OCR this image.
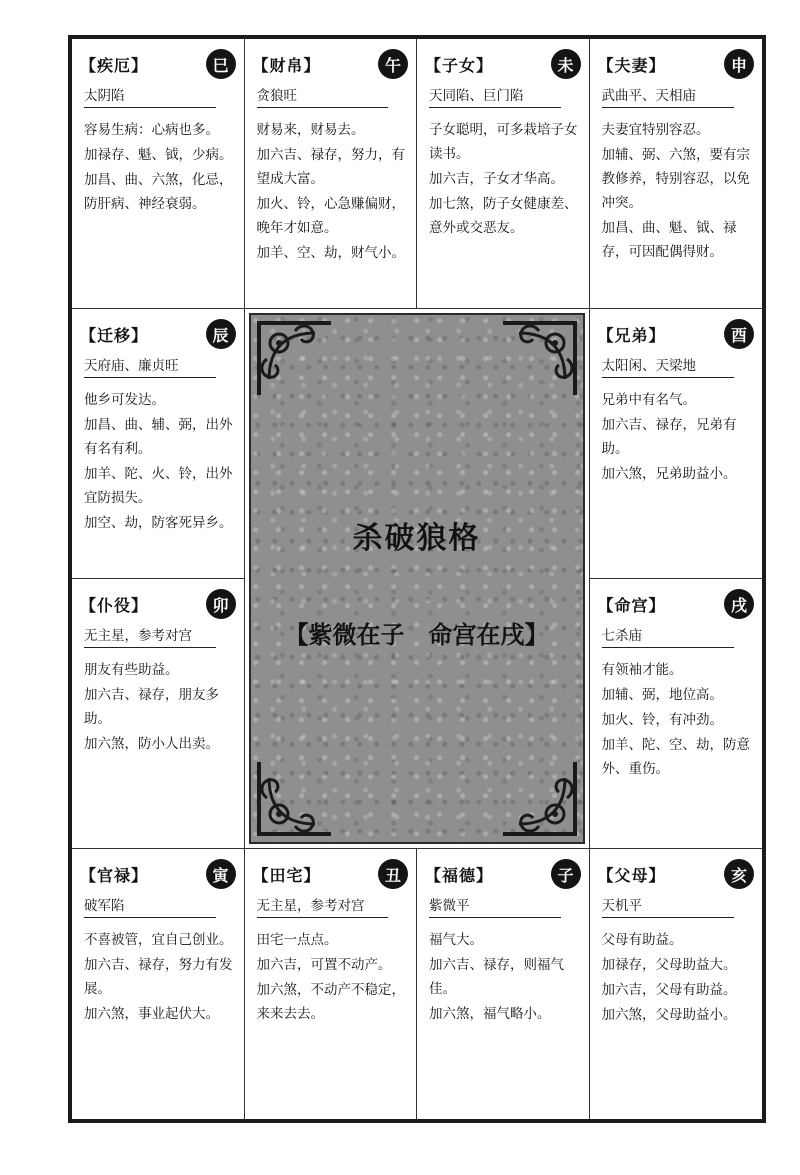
【疾厄】	巳
太阴陷

容易生病：心病也多。

加禄存、魁、钺，少病。

加昌、曲、六煞，化忌，防肝病、神经衰弱。

【财帛】	午
贪狼旺

财易来，财易去。

加六吉、禄存，努力，有望成大富。

加火、铃，心急赚偏财，晚年才如意。

加羊、空、劫，财气小。

【子女】	未
天同陷、巨门陷

子女聪明，可多栽培子女读书。

加六吉，子女才华高。

加七煞，防子女健康差、意外或交恶友。

【夫妻】	申
武曲平、天相庙

夫妻宜特别容忍。

加辅、弼、六煞，要有宗教修养，特别容忍，以免冲突。

加昌、曲、魁、钺、禄存，可因配偶得财。

【迁移】	辰
天府庙、廉贞旺

他乡可发达。

加昌、曲、辅、弼，出外有名有利。

加羊、陀、火、铃，出外宜防损失。

加空、劫，防客死异乡。	杀破狼格
【紫微在子　命宫在戌】
【兄弟】	酉
太阳闲、天梁地

兄弟中有名气。

加六吉、禄存，兄弟有助。

加六煞，兄弟助益小。

【仆役】	卯
无主星，参考对宫

朋友有些助益。

加六吉、禄存，朋友多助。

加六煞，防小人出卖。

【命宫】	戌
七杀庙

有领袖才能。

加辅、弼，地位高。

加火、铃，有冲劲。

加羊、陀、空、劫，防意外、重伤。

【官禄】	寅
破军陷

不喜被管，宜自己创业。

加六吉、禄存，努力有发展。

加六煞，事业起伏大。

【田宅】	丑
无主星，参考对宫

田宅一点点。

加六吉，可置不动产。

加六煞，不动产不稳定，来来去去。

【福德】	子
紫微平

福气大。

加六吉、禄存，则福气佳。

加六煞，福气略小。

【父母】	亥
天机平

父母有助益。

加禄存，父母助益大。

加六吉，父母有助益。

加六煞，父母助益小。
